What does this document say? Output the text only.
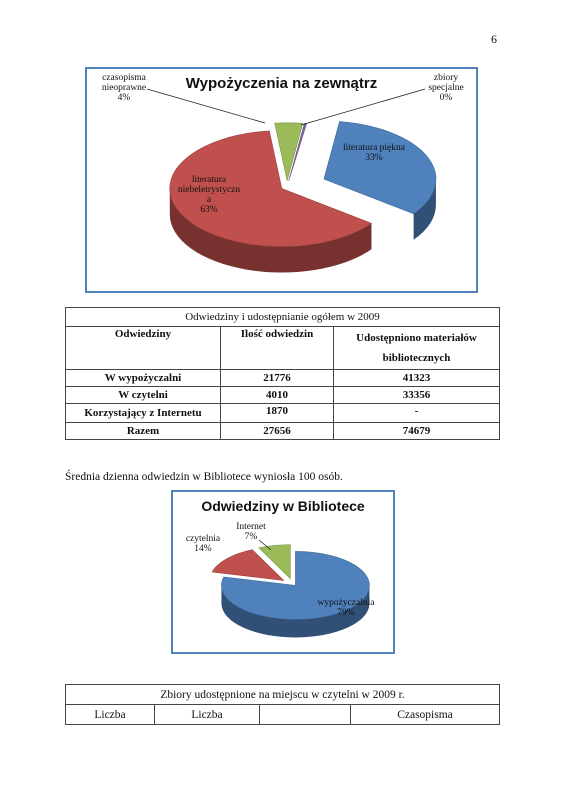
6
Wypożyczenia na zewnątrz
czasopisma
nieoprawne
4%
zbiory
specjalne
0%
literatura piękna
33%
literatura
niebeletrystyczn
a
63%
Odwiedziny i udostępnianie ogółem w 2009		
Odwiedziny	Ilość odwiedzin	Udostępniono materiałów bibliotecznych
W wypożyczalni	21776	41323
W czytelni	4010	33356
Korzystający z Internetu	1870	-
Razem	27656	74679
Średnia dzienna odwiedzin w Bibliotece wyniosła 100 osób.
Odwiedziny w Bibliotece
Internet
7%
czytelnia
14%
wypożyczalnia
79%
Zbiory udostępnione na miejscu w czytelni w 2009 r.
Liczba	Liczba		Czasopisma
